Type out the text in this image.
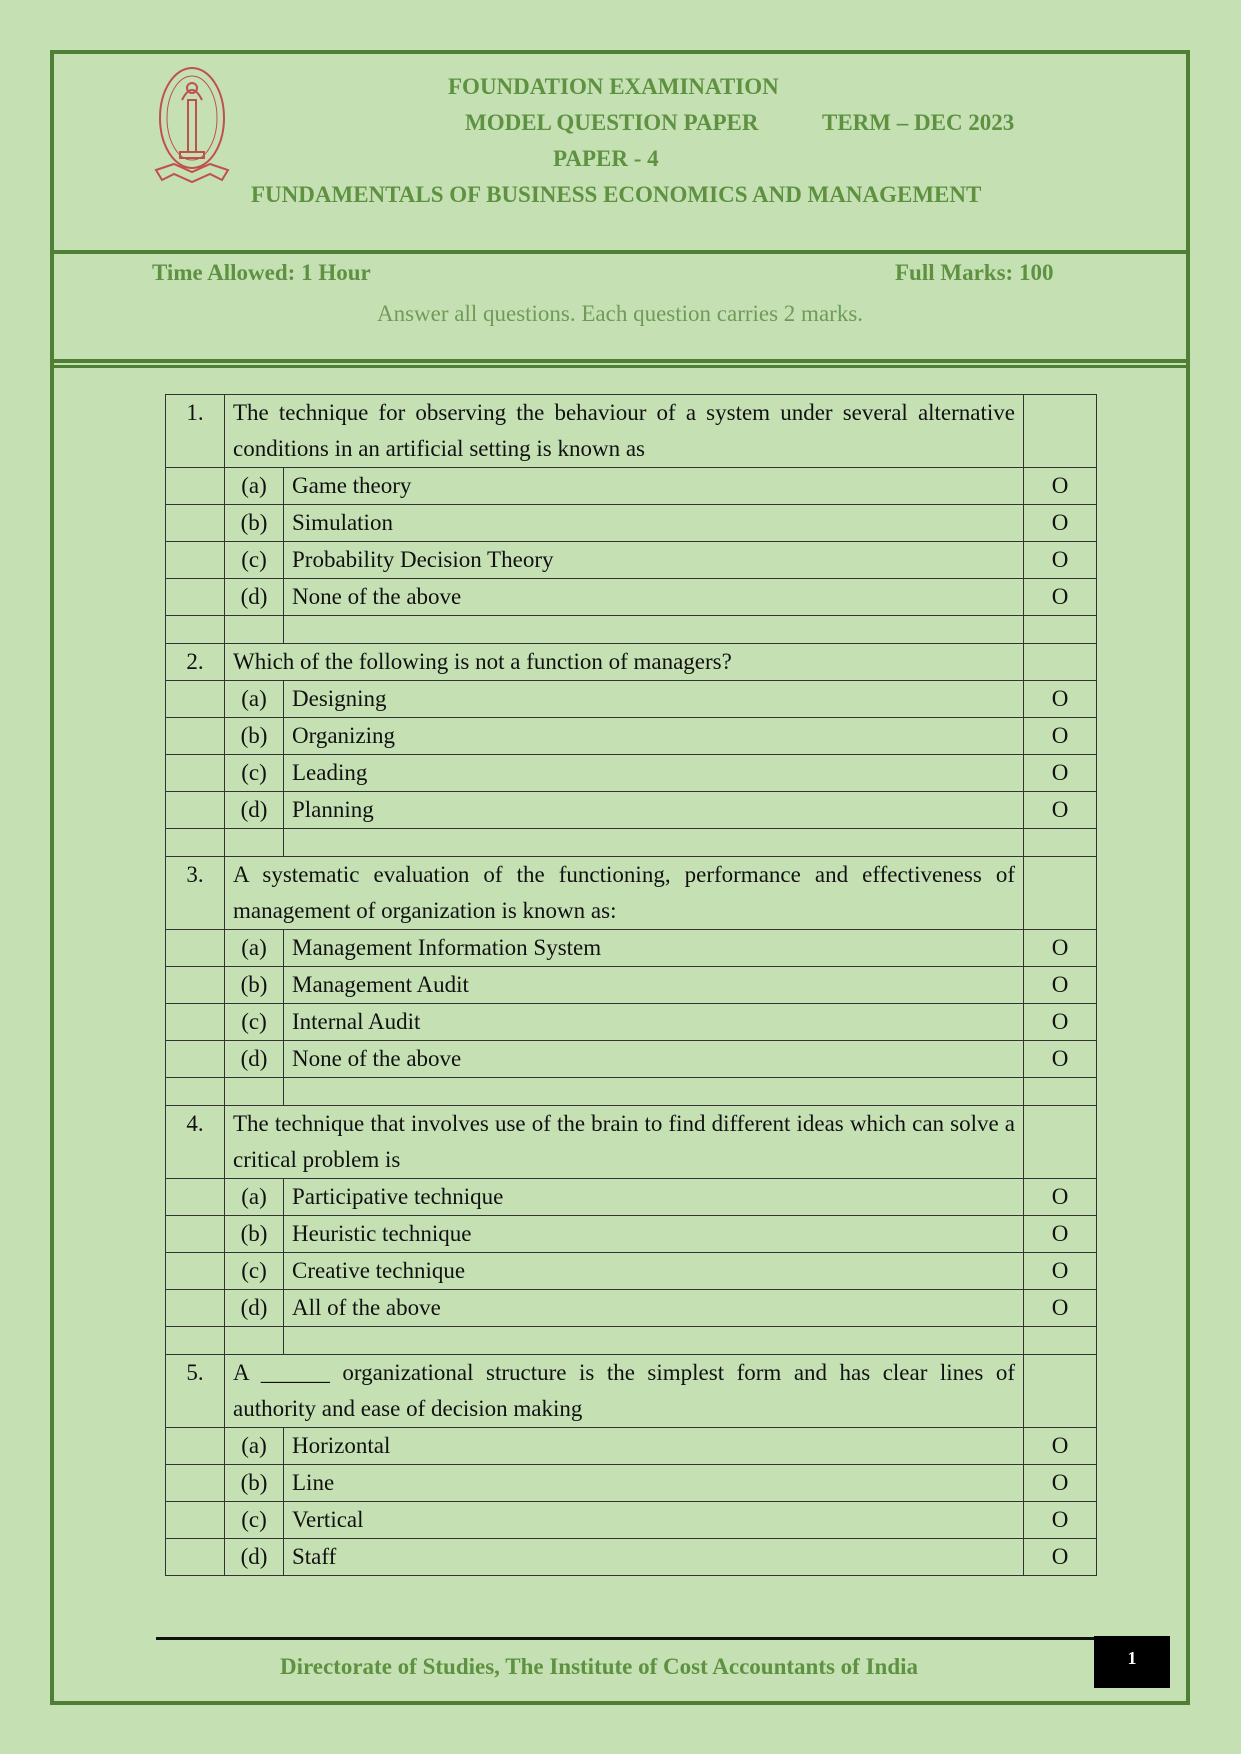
FOUNDATION EXAMINATION
MODEL QUESTION PAPER	TERM – DEC 2023
PAPER - 4
FUNDAMENTALS OF BUSINESS ECONOMICS AND MANAGEMENT
Time Allowed: 1 Hour	Full Marks: 100
Answer all questions. Each question carries 2 marks.
1.	The technique for observing the behaviour of a system under several alternative conditions in an artificial setting is known as		
	(a)	Game theory	O
	(b)	Simulation	O
	(c)	Probability Decision Theory	O
	(d)	None of the above	O

2.	Which of the following is not a function of managers?		
	(a)	Designing	O
	(b)	Organizing	O
	(c)	Leading	O
	(d)	Planning	O

3.	A systematic evaluation of the functioning, performance and effectiveness of management of organization is known as:		
	(a)	Management Information System	O
	(b)	Management Audit	O
	(c)	Internal Audit	O
	(d)	None of the above	O

4.	The technique that involves use of the brain to find different ideas which can solve a critical problem is		
	(a)	Participative technique	O
	(b)	Heuristic technique	O
	(c)	Creative technique	O
	(d)	All of the above	O

5.	A ______ organizational structure is the simplest form and has clear lines of authority and ease of decision making		
	(a)	Horizontal	O
	(b)	Line	O
	(c)	Vertical	O
	(d)	Staff	O
Directorate of Studies, The Institute of Cost Accountants of India	1
